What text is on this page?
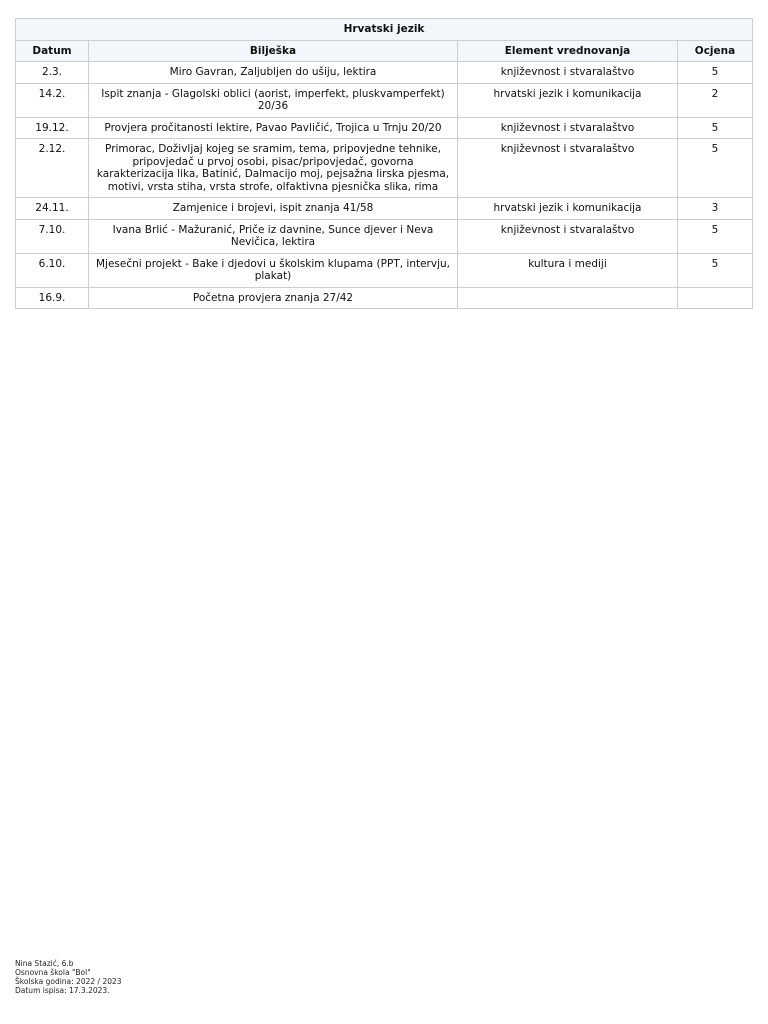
Hrvatski jezik			
Datum	Bilješka	Element vrednovanja	Ocjena
2.3.	Miro Gavran, Zaljubljen do ušiju, lektira	književnost i stvaralaštvo	5
14.2.	Ispit znanja - Glagolski oblici (aorist, imperfekt, pluskvamperfekt) 20/36	hrvatski jezik i komunikacija	2
19.12.	Provjera pročitanosti lektire, Pavao Pavličić, Trojica u Trnju 20/20	književnost i stvaralaštvo	5
2.12.	Primorac, Doživljaj kojeg se sramim, tema, pripovjedne tehnike, pripovjedač u prvoj osobi, pisac/pripovjedač, govorna karakterizacija lika, Batinić, Dalmacijo moj, pejsažna lirska pjesma, motivi, vrsta stiha, vrsta strofe, olfaktivna pjesnička slika, rima	književnost i stvaralaštvo	5
24.11.	Zamjenice i brojevi, ispit znanja 41/58	hrvatski jezik i komunikacija	3
7.10.	Ivana Brlić - Mažuranić, Priče iz davnine, Sunce djever i Neva Nevičica, lektira	književnost i stvaralaštvo	5
6.10.	Mjesečni projekt - Bake i djedovi u školskim klupama (PPT, intervju, plakat)	kultura i mediji	5
16.9.	Početna provjera znanja 27/42		
Nina Stazić, 6.b
Osnovna škola "Bol"
Školska godina: 2022 / 2023
Datum ispisa: 17.3.2023.
